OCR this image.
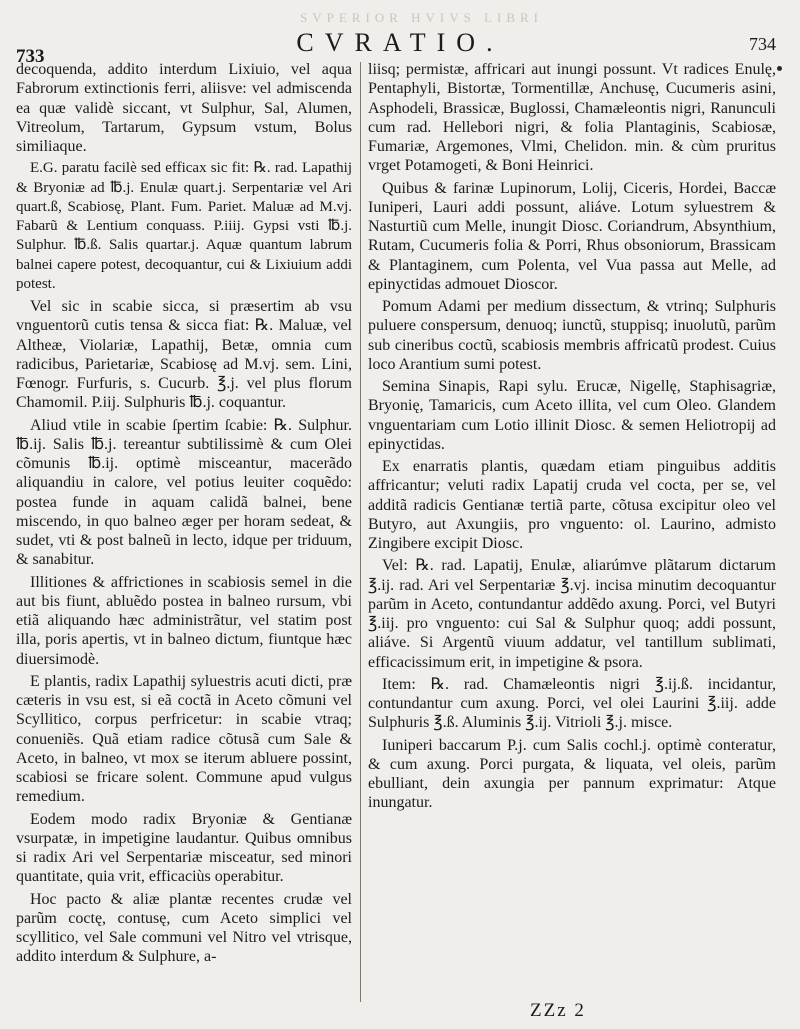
SVPERIOR HVIVS LIBRI
733	CVRATIO.	734

decoquenda, addito interdum Lixiuio, vel aqua Fabrorum extinctionis ferri, aliisve: vel admiscenda ea quæ validè siccant, vt Sulphur, Sal, Alumen, Vitreolum, Tartarum, Gypsum vstum, Bolus similiaque.

E.G. paratu facilè sed efficax sic fit: ℞. rad. Lapathij & Bryoniæ ad ℔.j. Enulæ quart.j. Serpentariæ vel Ari quart.ß, Scabiosę, Plant. Fum. Pariet. Maluæ ad M.vj. Fabarũ & Lentium conquass. P.iiij. Gypsi vsti ℔.j. Sulphur. ℔.ß. Salis quartar.j. Aquæ quantum labrum balnei capere potest, decoquantur, cui & Lixiuium addi potest.

Vel sic in scabie sicca, si præsertim ab vsu vnguentorũ cutis tensa & sicca fiat: ℞. Maluæ, vel Altheæ, Violariæ, Lapathij, Betæ, omnia cum radicibus, Parietariæ, Scabiosę ad M.vj. sem. Lini, Fœnogr. Furfuris, s. Cucurb. ℥.j. vel plus florum Chamomil. P.iij. Sulphuris ℔.j. coquantur.

Aliud vtile in scabie ſpertim ſcabie: ℞. Sulphur. ℔.ij. Salis ℔.j. tereantur subtilissimè & cum Olei cõmunis ℔.ij. optimè misceantur, macerãdo aliquandiu in calore, vel potius leuiter coquẽdo: postea funde in aquam calidã balnei, bene miscendo, in quo balneo æger per horam sedeat, & sudet, vti & post balneũ in lecto, idque per triduum, & sanabitur.

Illitiones & affrictiones in scabiosis semel in die aut bis fiunt, abluẽdo postea in balneo rursum, vbi etiã aliquando hæc administrãtur, vel statim post illa, poris apertis, vt in balneo dictum, fiuntque hæc diuersimodè.

E plantis, radix Lapathij syluestris acuti dicti, præ cæteris in vsu est, si eã coctã in Aceto cõmuni vel Scyllitico, corpus perfricetur: in scabie vtraq; conueniẽs. Quã etiam radice cõtusã cum Sale & Aceto, in balneo, vt mox se iterum abluere possint, scabiosi se fricare solent. Commune apud vulgus remedium.

Eodem modo radix Bryoniæ & Gentianæ vsurpatæ, in impetigine laudantur. Quibus omnibus si radix Ari vel Serpentariæ misceatur, sed minori quantitate, quia vrit, efficaciùs operabitur.

Hoc pacto & aliæ plantæ recentes crudæ vel parũm coctę, contusę, cum Aceto simplici vel scyllitico, vel Sale communi vel Nitro vel vtrisque, addito interdum & Sulphure, a-

liisq; permistæ, affricari aut inungi possunt. Vt radices Enulę, Pentaphyli, Bistortæ, Tormentillæ, Anchusę, Cucumeris asini, Asphodeli, Brassicæ, Buglossi, Chamæleontis nigri, Ranunculi cum rad. Hellebori nigri, & folia Plantaginis, Scabiosæ, Fumariæ, Argemones, Vlmi, Chelidon. min. & cùm pruritus vrget Potamogeti, & Boni Heinrici.

Quibus & farinæ Lupinorum, Lolij, Ciceris, Hordei, Baccæ Iuniperi, Lauri addi possunt, aliáve. Lotum syluestrem & Nasturtiũ cum Melle, inungit Diosc. Coriandrum, Absynthium, Rutam, Cucumeris folia & Porri, Rhus obsoniorum, Brassicam & Plantaginem, cum Polenta, vel Vua passa aut Melle, ad epinyctidas admouet Dioscor.

Pomum Adami per medium dissectum, & vtrinq; Sulphuris puluere conspersum, denuoq; iunctũ, stuppisq; inuolutũ, parũm sub cineribus coctũ, scabiosis membris affricatũ prodest. Cuius loco Arantium sumi potest.

Semina Sinapis, Rapi sylu. Erucæ, Nigellę, Staphisagriæ, Bryonię, Tamaricis, cum Aceto illita, vel cum Oleo. Glandem vnguentariam cum Lotio illinit Diosc. & semen Heliotropij ad epinyctidas.

Ex enarratis plantis, quædam etiam pinguibus additis affricantur; veluti radix Lapatij cruda vel cocta, per se, vel additã radicis Gentianæ tertiã parte, cõtusa excipitur oleo vel Butyro, aut Axungiis, pro vnguento: ol. Laurino, admisto Zingibere excipit Diosc.

Vel: ℞. rad. Lapatij, Enulæ, aliarúmve plãtarum dictarum ℥.ij. rad. Ari vel Serpentariæ ℥.vj. incisa minutim decoquantur parũm in Aceto, contundantur addẽdo axung. Porci, vel Butyri ℥.iij. pro vnguento: cui Sal & Sulphur quoq; addi possunt, aliáve. Si Argentũ viuum addatur, vel tantillum sublimati, efficacissimum erit, in impetigine & psora.

Item: ℞. rad. Chamæleontis nigri ℥.ij.ß. incidantur, contundantur cum axung. Porci, vel olei Laurini ℥.iij. adde Sulphuris ℥.ß. Aluminis ℥.ij. Vitrioli ℥.j. misce.

Iuniperi baccarum P.j. cum Salis cochl.j. optimè conteratur, & cum axung. Porci purgata, & liquata, vel oleis, parũm ebulliant, dein axungia per pannum exprimatur: Atque inungatur.

ZZz 2
